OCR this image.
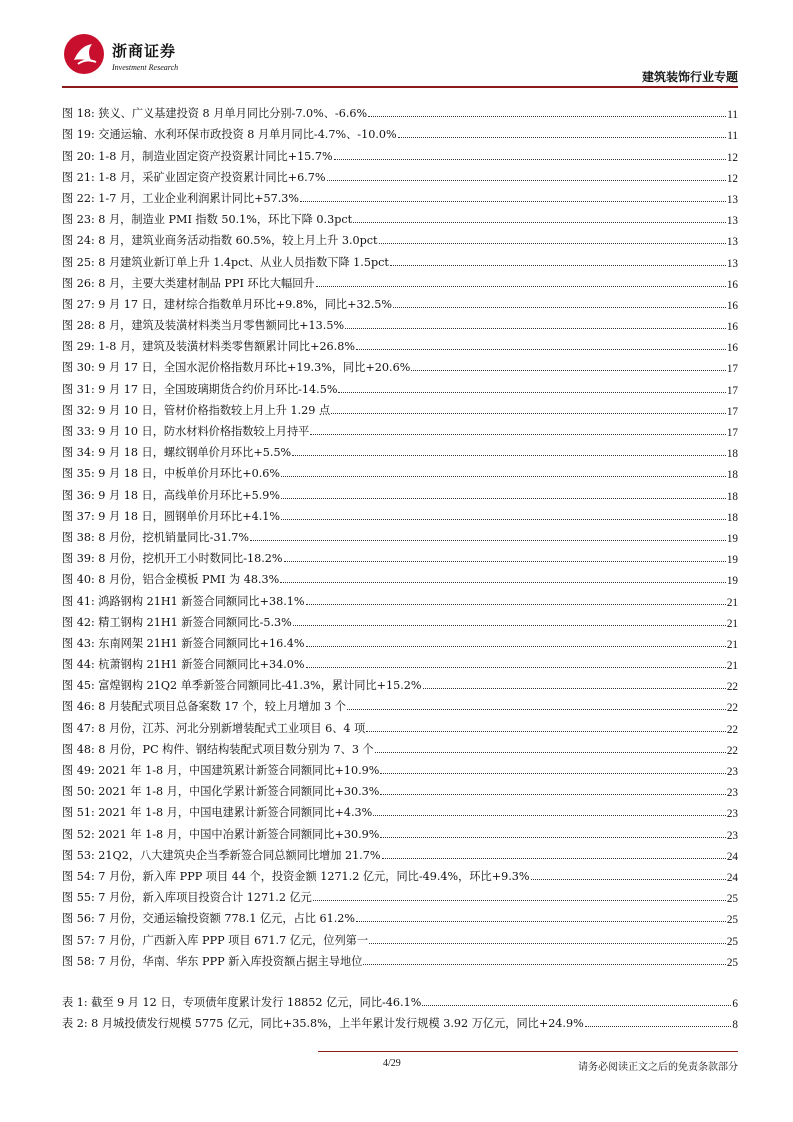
浙商证券
Investment Research
建筑装饰行业专题
图 18: 狭义、广义基建投资 8 月单月同比分别-7.0%、-6.6%	11
图 19: 交通运输、水利环保市政投资 8 月单月同比-4.7%、-10.0%	11
图 20: 1-8 月，制造业固定资产投资累计同比+15.7%	12
图 21: 1-8 月，采矿业固定资产投资累计同比+6.7%	12
图 22: 1-7 月，工业企业利润累计同比+57.3%	13
图 23: 8 月，制造业 PMI 指数 50.1%，环比下降 0.3pct	13
图 24: 8 月，建筑业商务活动指数 60.5%，较上月上升 3.0pct	13
图 25: 8 月建筑业新订单上升 1.4pct、从业人员指数下降 1.5pct	13
图 26: 8 月，主要大类建材制品 PPI 环比大幅回升	16
图 27: 9 月 17 日，建材综合指数单月环比+9.8%，同比+32.5%	16
图 28: 8 月，建筑及装潢材料类当月零售额同比+13.5%	16
图 29: 1-8 月，建筑及装潢材料类零售额累计同比+26.8%	16
图 30: 9 月 17 日，全国水泥价格指数月环比+19.3%，同比+20.6%	17
图 31: 9 月 17 日，全国玻璃期货合约价月环比-14.5%	17
图 32: 9 月 10 日，管材价格指数较上月上升 1.29 点	17
图 33: 9 月 10 日，防水材料价格指数较上月持平	17
图 34: 9 月 18 日，螺纹钢单价月环比+5.5%	18
图 35: 9 月 18 日，中板单价月环比+0.6%	18
图 36: 9 月 18 日，高线单价月环比+5.9%	18
图 37: 9 月 18 日，圆钢单价月环比+4.1%	18
图 38: 8 月份，挖机销量同比-31.7%	19
图 39: 8 月份，挖机开工小时数同比-18.2%	19
图 40: 8 月份，铝合金模板 PMI 为 48.3%	19
图 41: 鸿路钢构 21H1 新签合同额同比+38.1%	21
图 42: 精工钢构 21H1 新签合同额同比-5.3%	21
图 43: 东南网架 21H1 新签合同额同比+16.4%	21
图 44: 杭萧钢构 21H1 新签合同额同比+34.0%	21
图 45: 富煌钢构 21Q2 单季新签合同额同比-41.3%，累计同比+15.2%	22
图 46: 8 月装配式项目总备案数 17 个，较上月增加 3 个	22
图 47: 8 月份，江苏、河北分别新增装配式工业项目 6、4 项	22
图 48: 8 月份，PC 构件、钢结构装配式项目数分别为 7、3 个	22
图 49: 2021 年 1-8 月，中国建筑累计新签合同额同比+10.9%	23
图 50: 2021 年 1-8 月，中国化学累计新签合同额同比+30.3%	23
图 51: 2021 年 1-8 月，中国电建累计新签合同额同比+4.3%	23
图 52: 2021 年 1-8 月，中国中冶累计新签合同额同比+30.9%	23
图 53: 21Q2，八大建筑央企当季新签合同总额同比增加 21.7%	24
图 54: 7 月份，新入库 PPP 项目 44 个，投资金额 1271.2 亿元，同比-49.4%，环比+9.3%	24
图 55: 7 月份，新入库项目投资合计 1271.2 亿元	25
图 56: 7 月份，交通运输投资额 778.1 亿元，占比 61.2%	25
图 57: 7 月份，广西新入库 PPP 项目 671.7 亿元，位列第一	25
图 58: 7 月份，华南、华东 PPP 新入库投资额占据主导地位	25
表 1: 截至 9 月 12 日，专项债年度累计发行 18852 亿元，同比-46.1%	6
表 2: 8 月城投债发行规模 5775 亿元，同比+35.8%，上半年累计发行规模 3.92 万亿元，同比+24.9%	8
4/29	请务必阅读正文之后的免责条款部分
